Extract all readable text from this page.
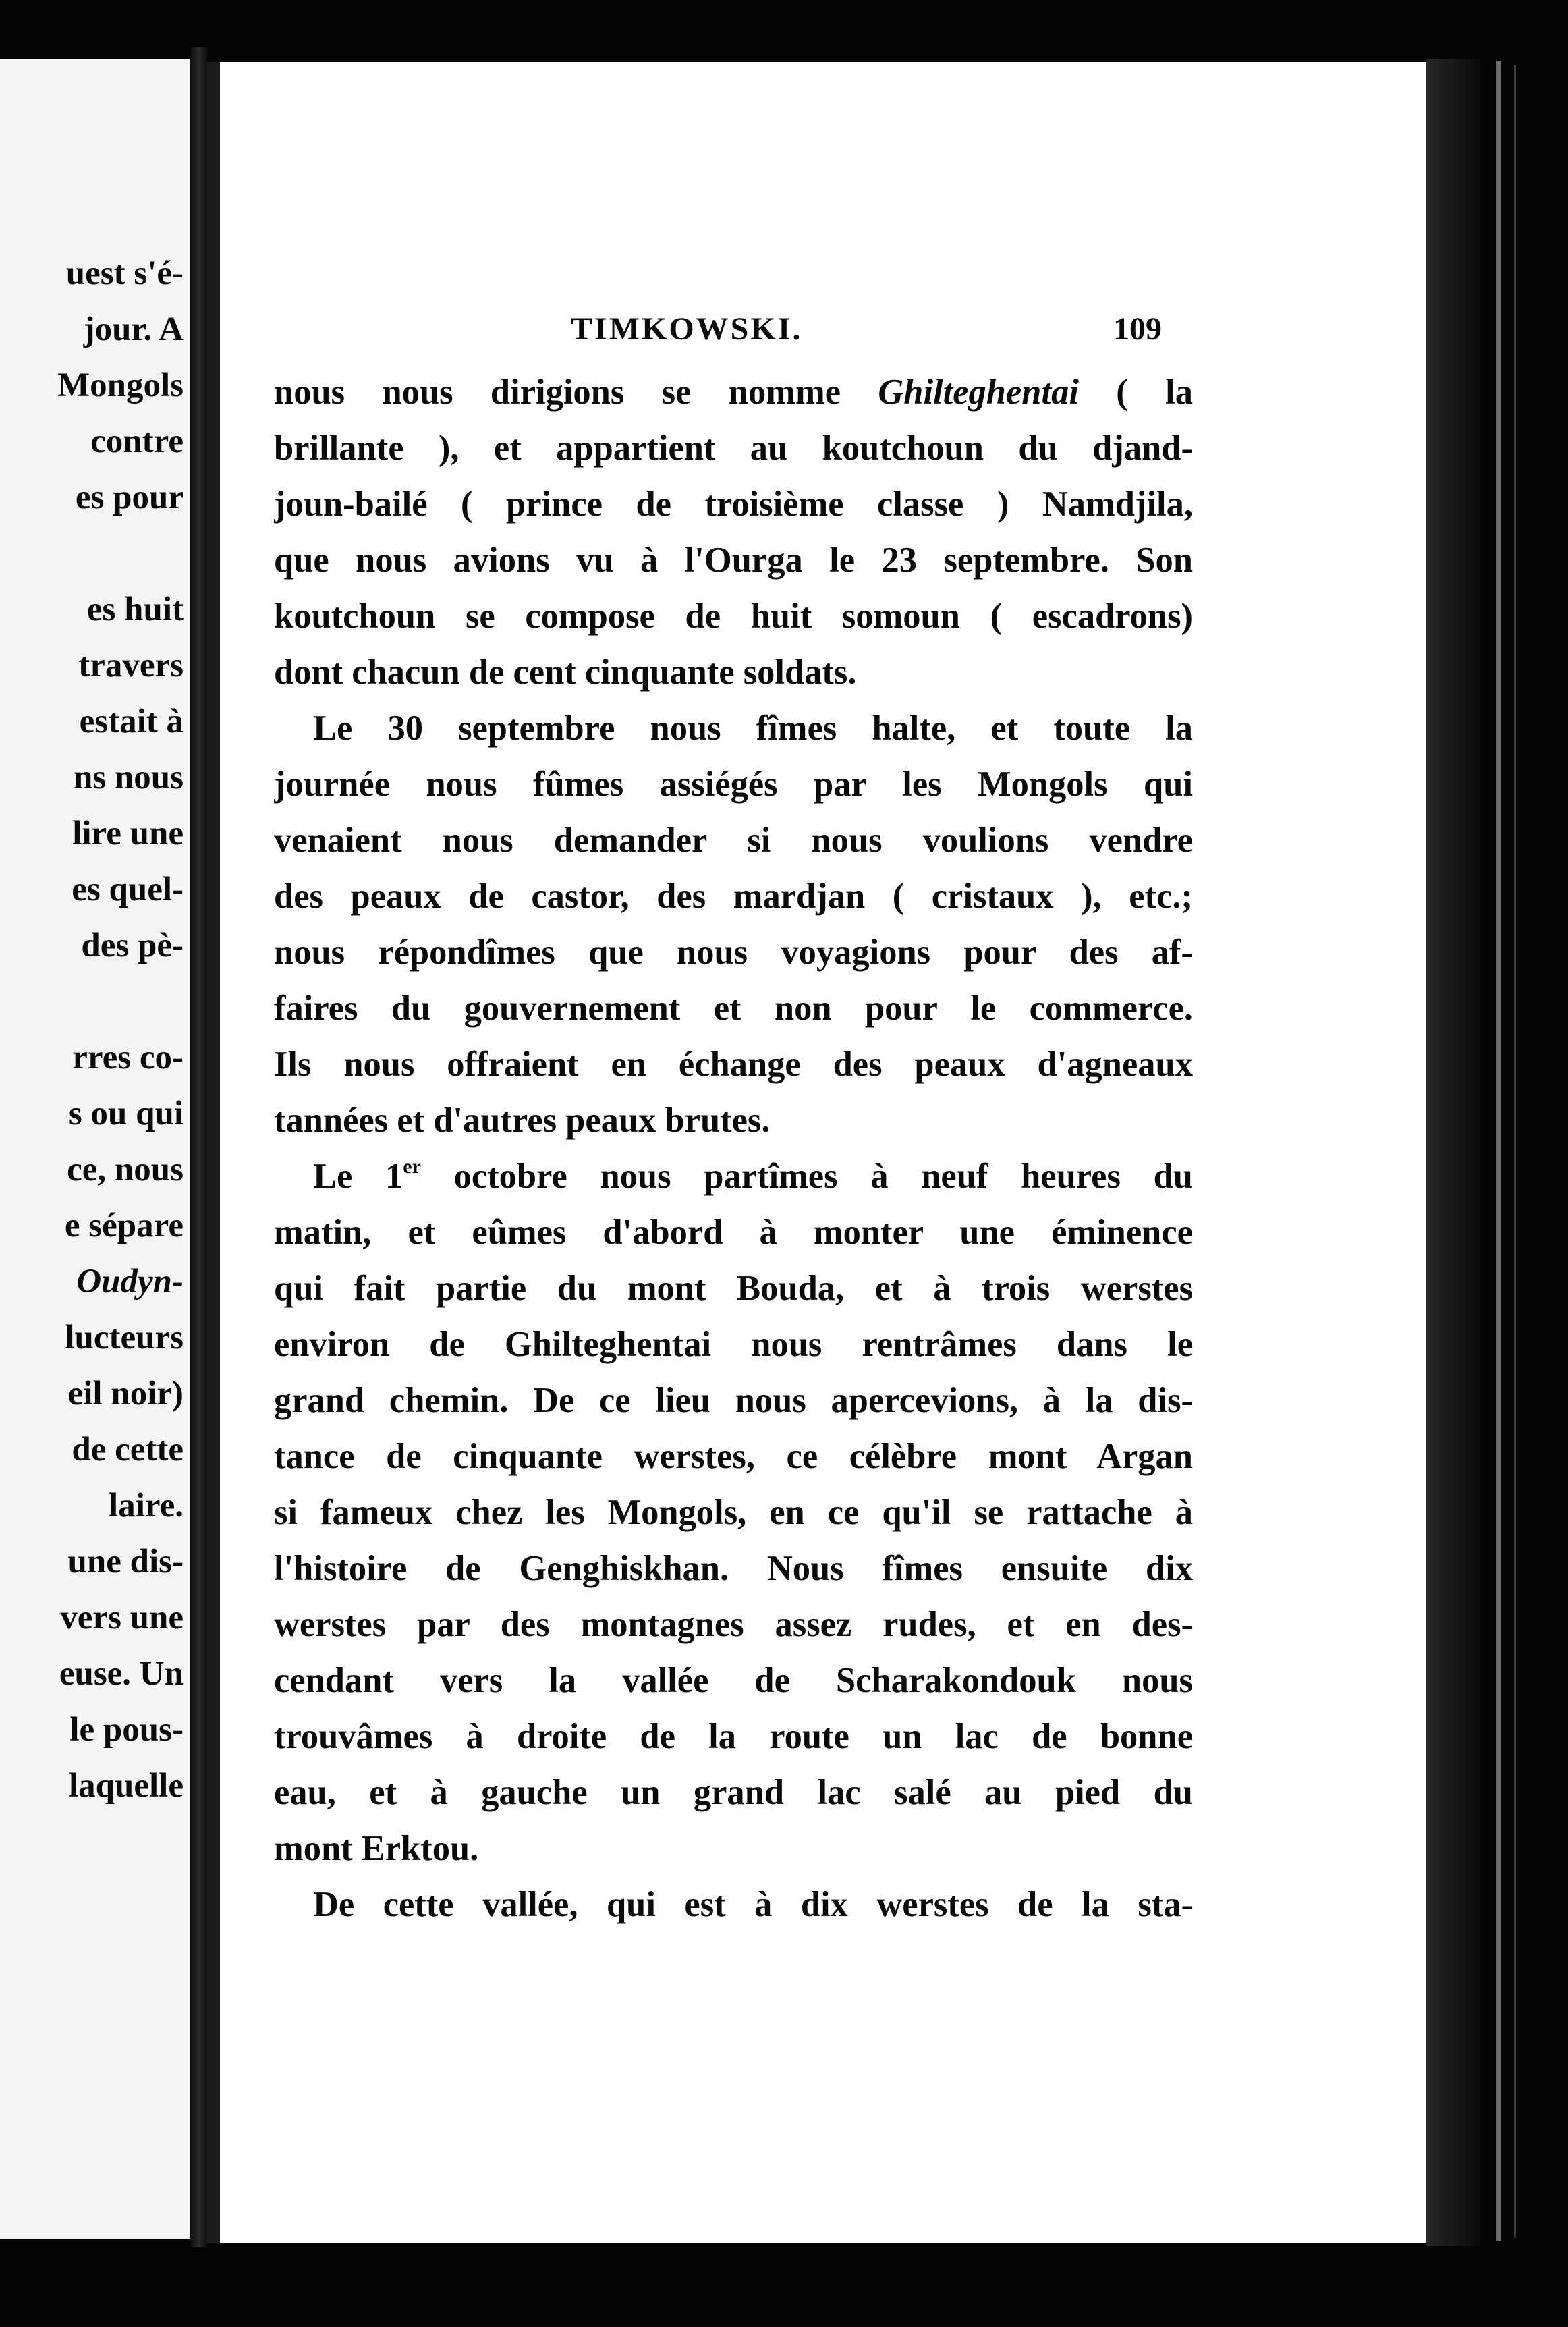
uest s'é-

jour. A

Mongols

contre

es pour

es huit

travers

estait à

ns nous

lire une

es quel-

des pè-

rres co-

s ou qui

ce, nous

e sépare

Oudyn-

lucteurs

eil noir)

de cette

laire.

une dis-

vers une

euse. Un

le pous-

laquelle

TIMKOWSKI.	109
nous nous dirigions se nomme Ghilteghentai ( la
brillante ), et appartient au koutchoun du djand-
joun-bailé ( prince de troisième classe ) Namdjila,
que nous avions vu à l'Ourga le 23 septembre. Son
koutchoun se compose de huit somoun ( escadrons)
dont chacun de cent cinquante soldats.
Le 30 septembre nous fîmes halte, et toute la
journée nous fûmes assiégés par les Mongols qui
venaient nous demander si nous voulions vendre
des peaux de castor, des mardjan ( cristaux ), etc.;
nous répondîmes que nous voyagions pour des af-
faires du gouvernement et non pour le commerce.
Ils nous offraient en échange des peaux d'agneaux
tannées et d'autres peaux brutes.
Le 1er octobre nous partîmes à neuf heures du
matin, et eûmes d'abord à monter une éminence
qui fait partie du mont Bouda, et à trois werstes
environ de Ghilteghentai nous rentrâmes dans le
grand chemin. De ce lieu nous apercevions, à la dis-
tance de cinquante werstes, ce célèbre mont Argan
si fameux chez les Mongols, en ce qu'il se rattache à
l'histoire de Genghiskhan. Nous fîmes ensuite dix
werstes par des montagnes assez rudes, et en des-
cendant vers la vallée de Scharakondouk nous
trouvâmes à droite de la route un lac de bonne
eau, et à gauche un grand lac salé au pied du
mont Erktou.
De cette vallée, qui est à dix werstes de la sta-
